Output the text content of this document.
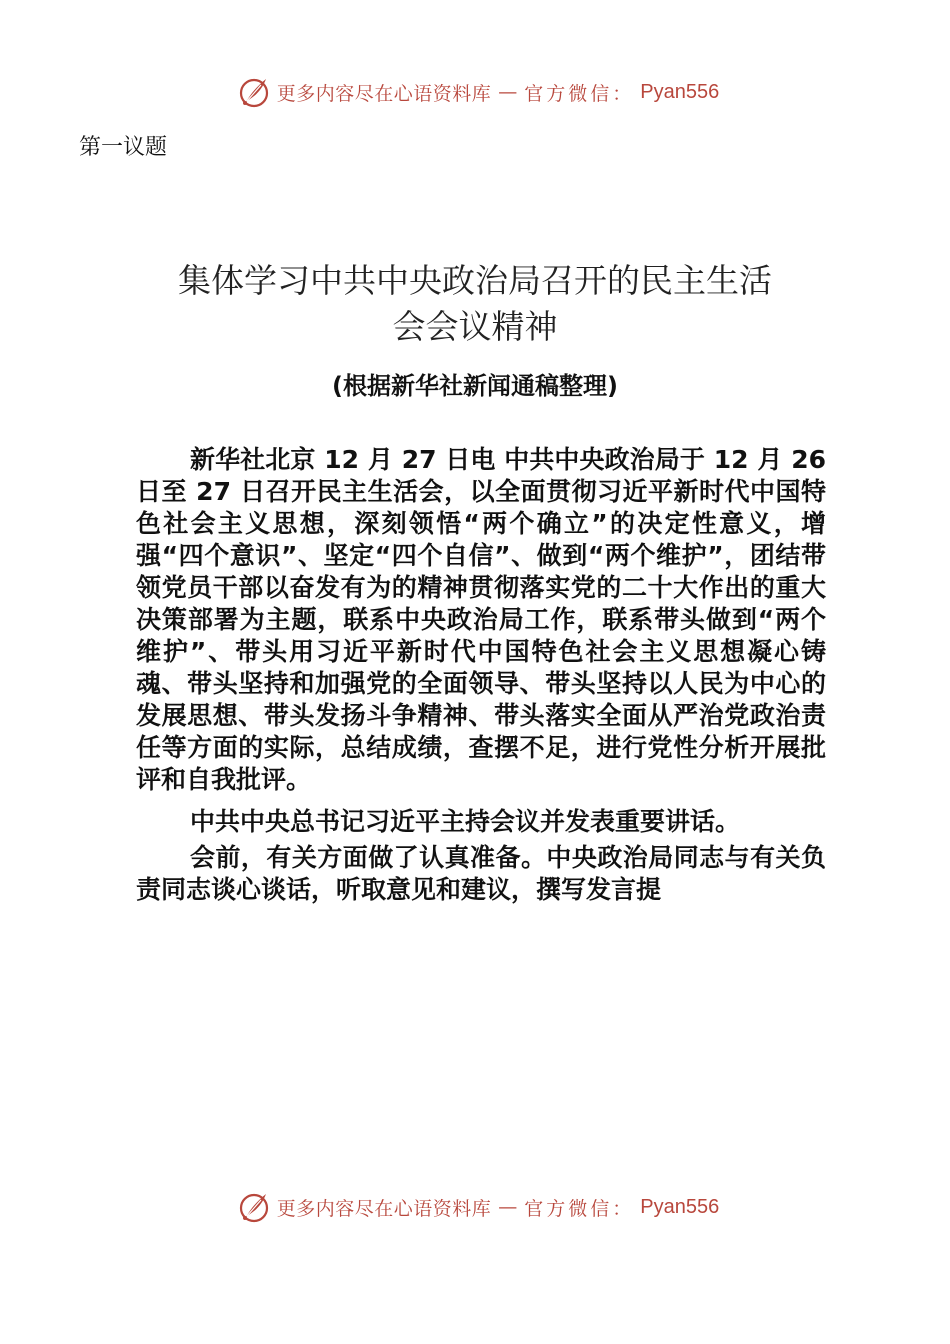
更多内容尽在心语资料库 — 官方微信： Pyan556
第一议题
集体学习中共中央政治局召开的民主生活
会会议精神
(根据新华社新闻通稿整理)

新华社北京 12 月 27 日电 中共中央政治局于 12 月 26 日至 27 日召开民主生活会，以全面贯彻习近平新时代中国特色社会主义思想，深刻领悟“两个确立”的决定性意义，增强“四个意识”、坚定“四个自信”、做到“两个维护”，团结带领党员干部以奋发有为的精神贯彻落实党的二十大作出的重大决策部署为主题，联系中央政治局工作，联系带头做到“两个维护”、带头用习近平新时代中国特色社会主义思想凝心铸魂、带头坚持和加强党的全面领导、带头坚持以人民为中心的发展思想、带头发扬斗争精神、带头落实全面从严治党政治责任等方面的实际，总结成绩，查摆不足，进行党性分析开展批评和自我批评。

中共中央总书记习近平主持会议并发表重要讲话。

会前，有关方面做了认真准备。中央政治局同志与有关负责同志谈心谈话，听取意见和建议，撰写发言提

更多内容尽在心语资料库 — 官方微信： Pyan556
